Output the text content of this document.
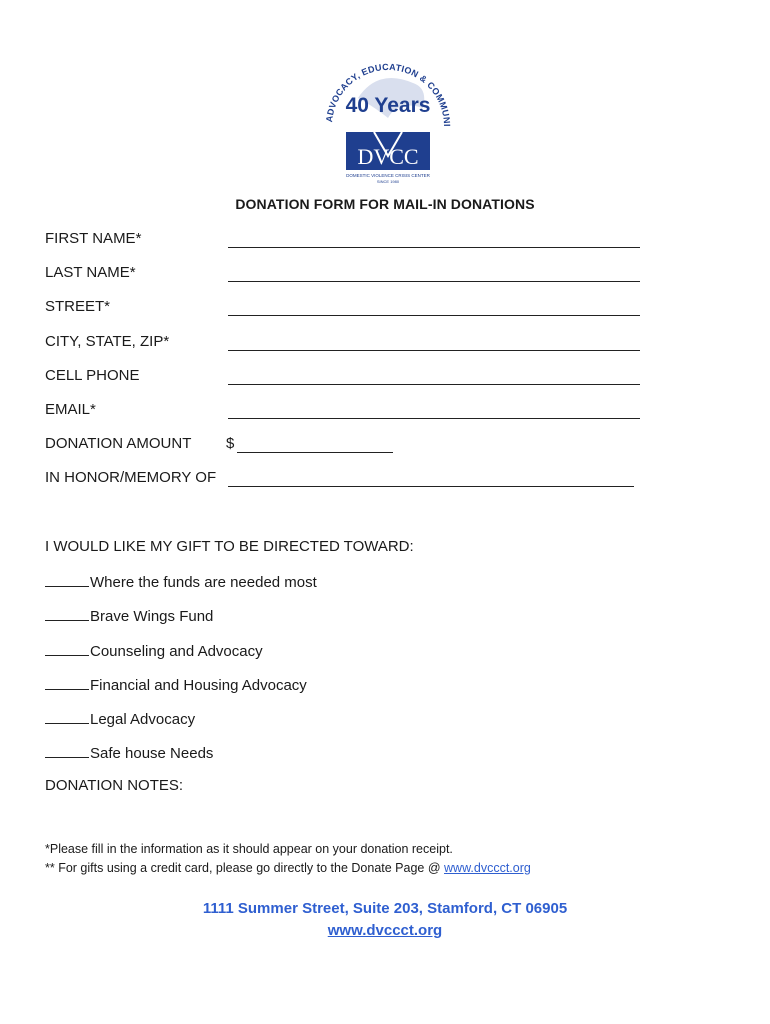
ADVOCACY, EDUCATION & COMMUNI
40 Years
DVCC
DOMESTIC VIOLENCE CRISIS CENTER
SINCE 1980
DONATION FORM FOR MAIL-IN DONATIONS
FIRST NAME*
LAST NAME*
STREET*
CITY, STATE, ZIP*
CELL PHONE
EMAIL*
DONATION AMOUNT $
IN HONOR/MEMORY OF
I WOULD LIKE MY GIFT TO BE DIRECTED TOWARD:
Where the funds are needed most
Brave Wings Fund
Counseling and Advocacy
Financial and Housing Advocacy
Legal Advocacy
Safe house Needs
DONATION NOTES:
*Please fill in the information as it should appear on your donation receipt.
** For gifts using a credit card, please go directly to the Donate Page @ www.dvccct.org
1111 Summer Street, Suite 203, Stamford, CT 06905
www.dvccct.org
